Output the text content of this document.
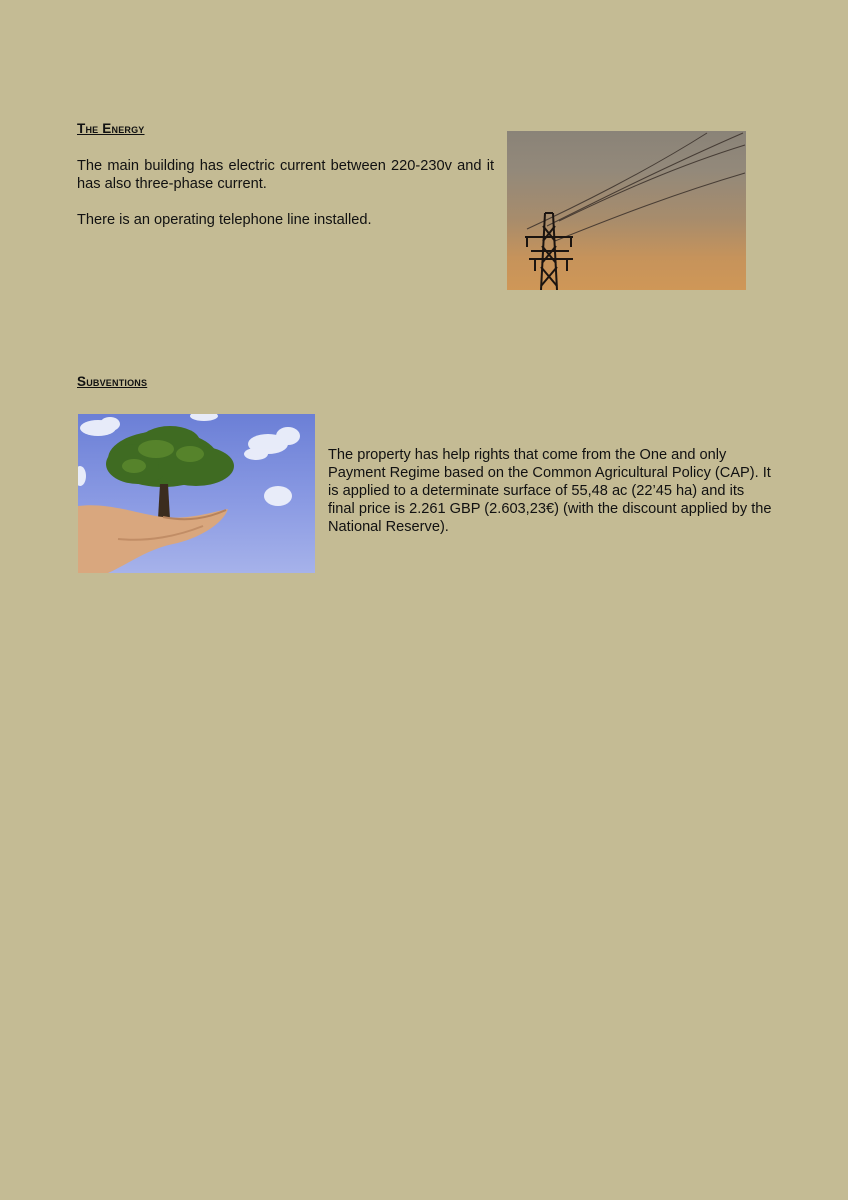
The Energy

The main building has electric current between 220-230v and it has also three-phase current.

There is an operating telephone line installed.

Subventions

The property has help rights that come from the One and only Payment Regime based on the Common Agricultural Policy (CAP). It is applied to a determinate surface of 55,48 ac (22’45 ha) and its final price is 2.261 GBP (2.603,23€) (with the discount applied by the National Reserve).
